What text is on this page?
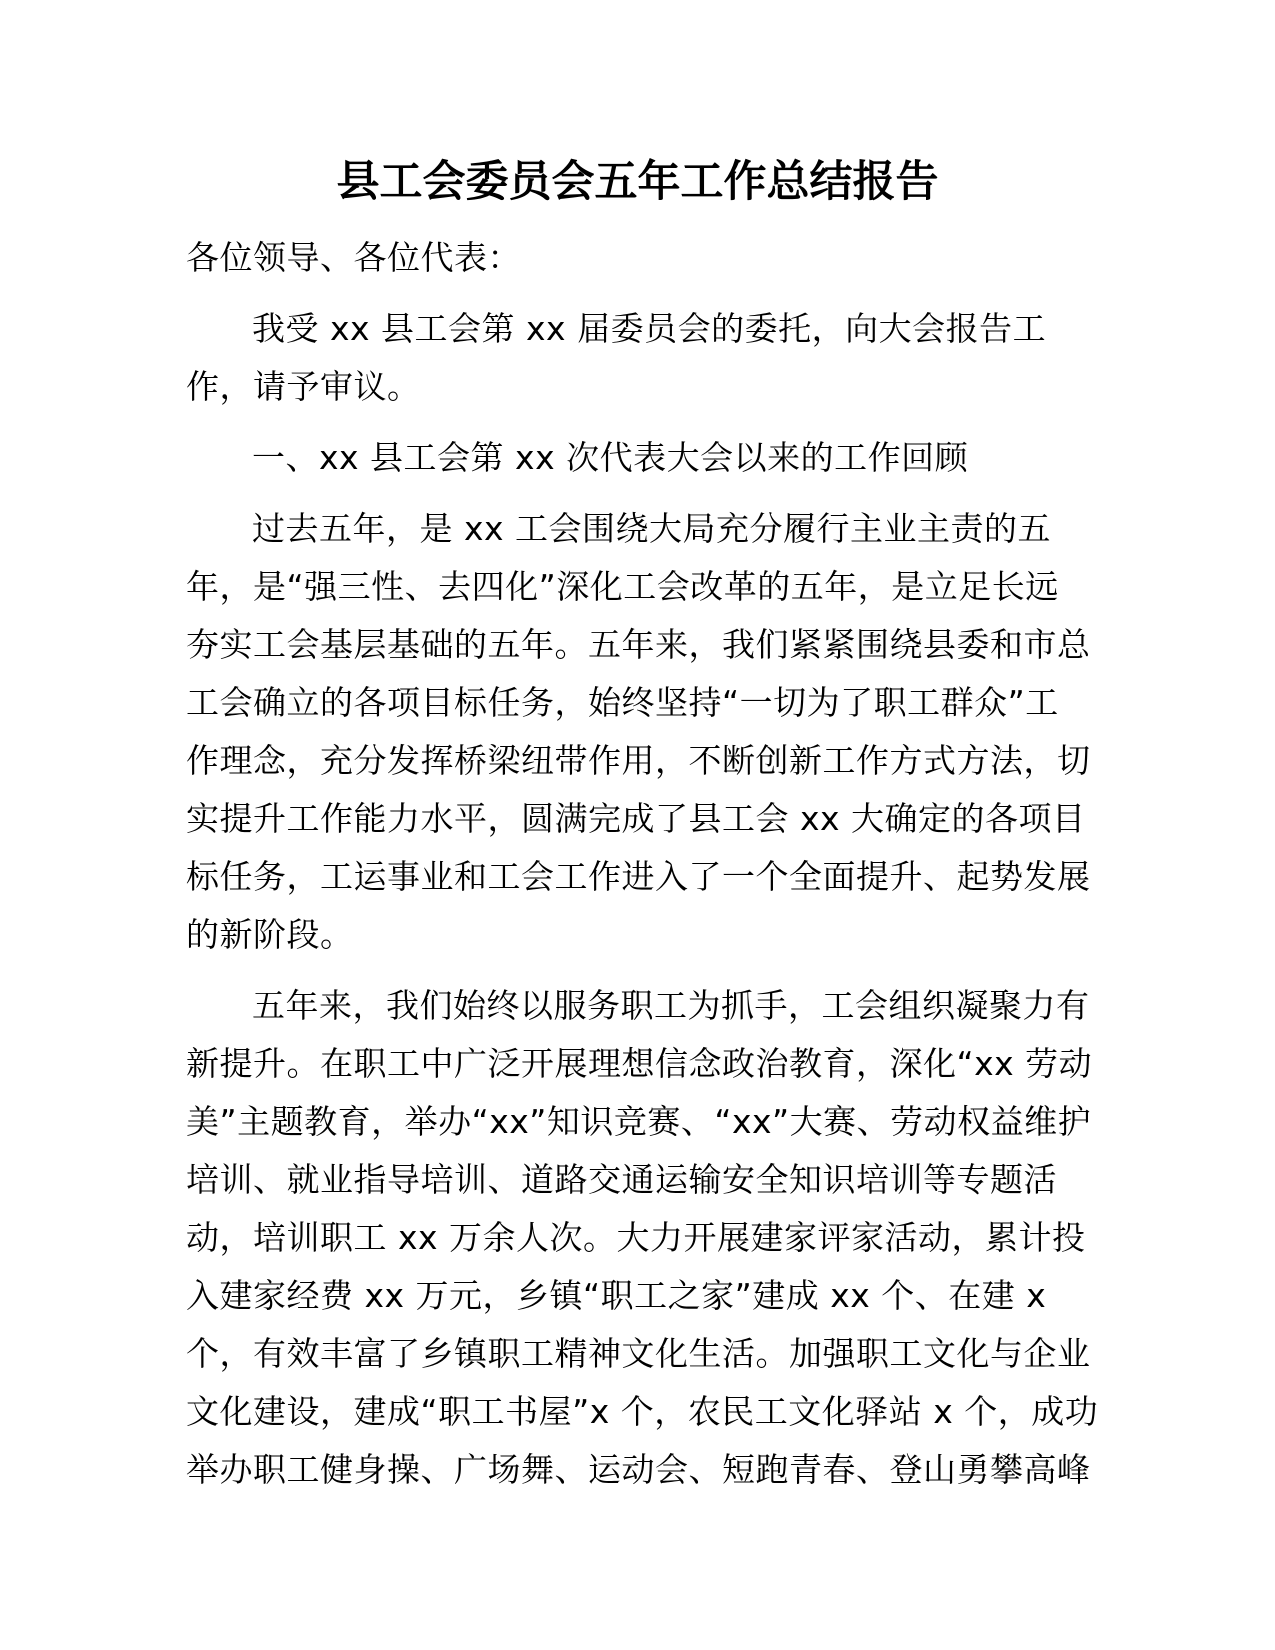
县工会委员会五年工作总结报告
各位领导、各位代表：
我受 xx 县工会第 xx 届委员会的委托，向大会报告工
作，请予审议。
一、xx 县工会第 xx 次代表大会以来的工作回顾
过去五年，是 xx 工会围绕大局充分履行主业主责的五
年，是“强三性、去四化”深化工会改革的五年，是立足长远
夯实工会基层基础的五年。五年来，我们紧紧围绕县委和市总
工会确立的各项目标任务，始终坚持“一切为了职工群众”工
作理念，充分发挥桥梁纽带作用，不断创新工作方式方法，切
实提升工作能力水平，圆满完成了县工会 xx 大确定的各项目
标任务，工运事业和工会工作进入了一个全面提升、起势发展
的新阶段。
五年来，我们始终以服务职工为抓手，工会组织凝聚力有
新提升。在职工中广泛开展理想信念政治教育，深化“xx 劳动
美”主题教育，举办“xx”知识竞赛、“xx”大赛、劳动权益维护
培训、就业指导培训、道路交通运输安全知识培训等专题活
动，培训职工 xx 万余人次。大力开展建家评家活动，累计投
入建家经费 xx 万元，乡镇“职工之家”建成 xx 个、在建 x
个，有效丰富了乡镇职工精神文化生活。加强职工文化与企业
文化建设，建成“职工书屋”x 个，农民工文化驿站 x 个，成功
举办职工健身操、广场舞、运动会、短跑青春、登山勇攀高峰
